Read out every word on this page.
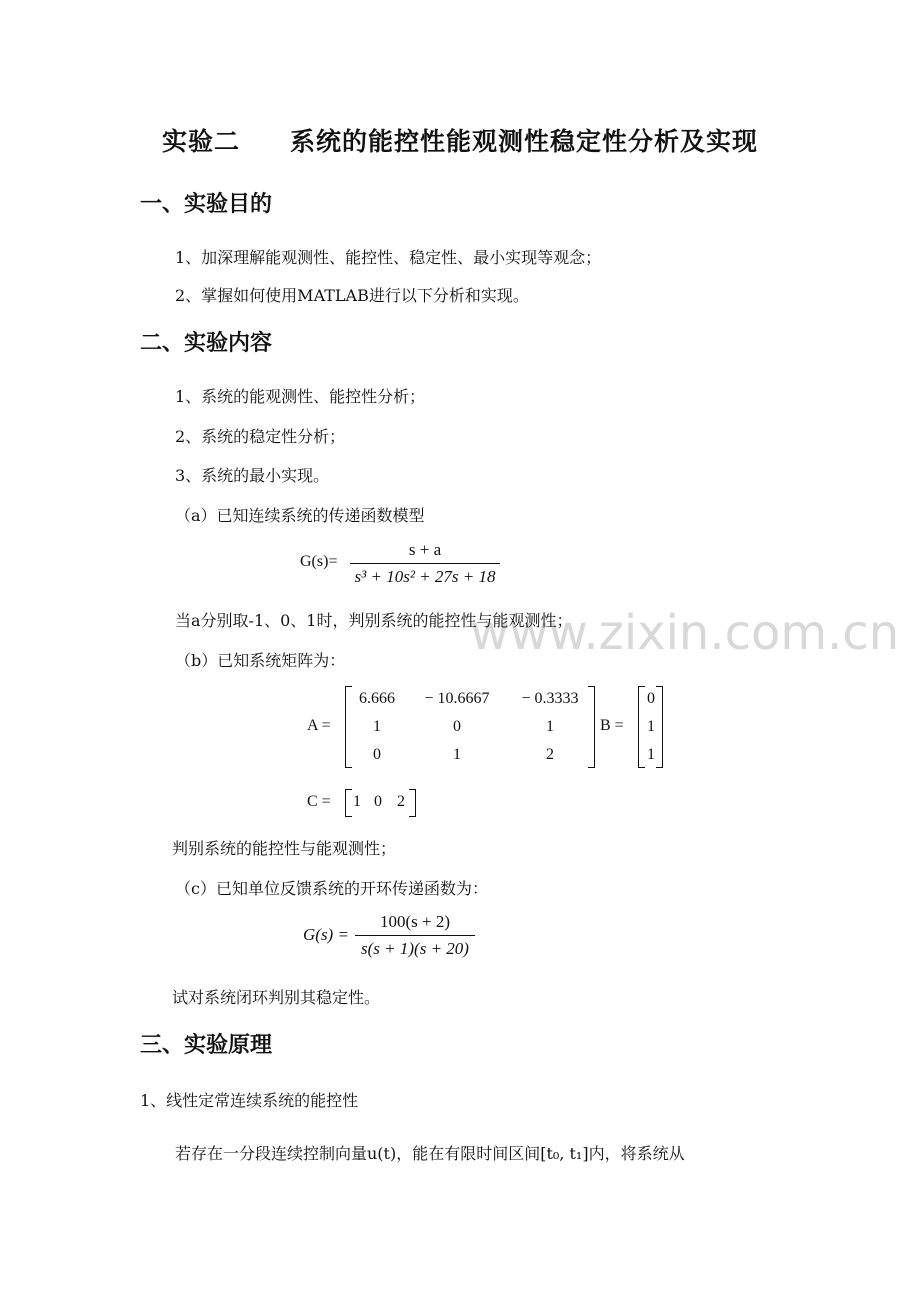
www.zixin.com.cn
实验二 系统的能控性能观测性稳定性分析及实现
一、实验目的
1、加深理解能观测性、能控性、稳定性、最小实现等观念；
2、掌握如何使用MATLAB进行以下分析和实现。
二、实验内容
1、系统的能观测性、能控性分析；
2、系统的稳定性分析；
3、系统的最小实现。
（a）已知连续系统的传递函数模型
G(s)=
s + a
s³ + 10s² + 27s + 18
当a分别取-1、0、1时，判别系统的能控性与能观测性；
（b）已知系统矩阵为：
A =
6.666	− 10.6667	− 0.3333
1	0	1
0	1	2
B =
0
1
1
C = 1 0 2
判别系统的能控性与能观测性；
（c）已知单位反馈系统的开环传递函数为：
G(s) =
100(s + 2)
s(s + 1)(s + 20)
试对系统闭环判别其稳定性。
三、实验原理
1、线性定常连续系统的能控性
若存在一分段连续控制向量u(t)，能在有限时间区间[t₀, t₁]内，将系统从
